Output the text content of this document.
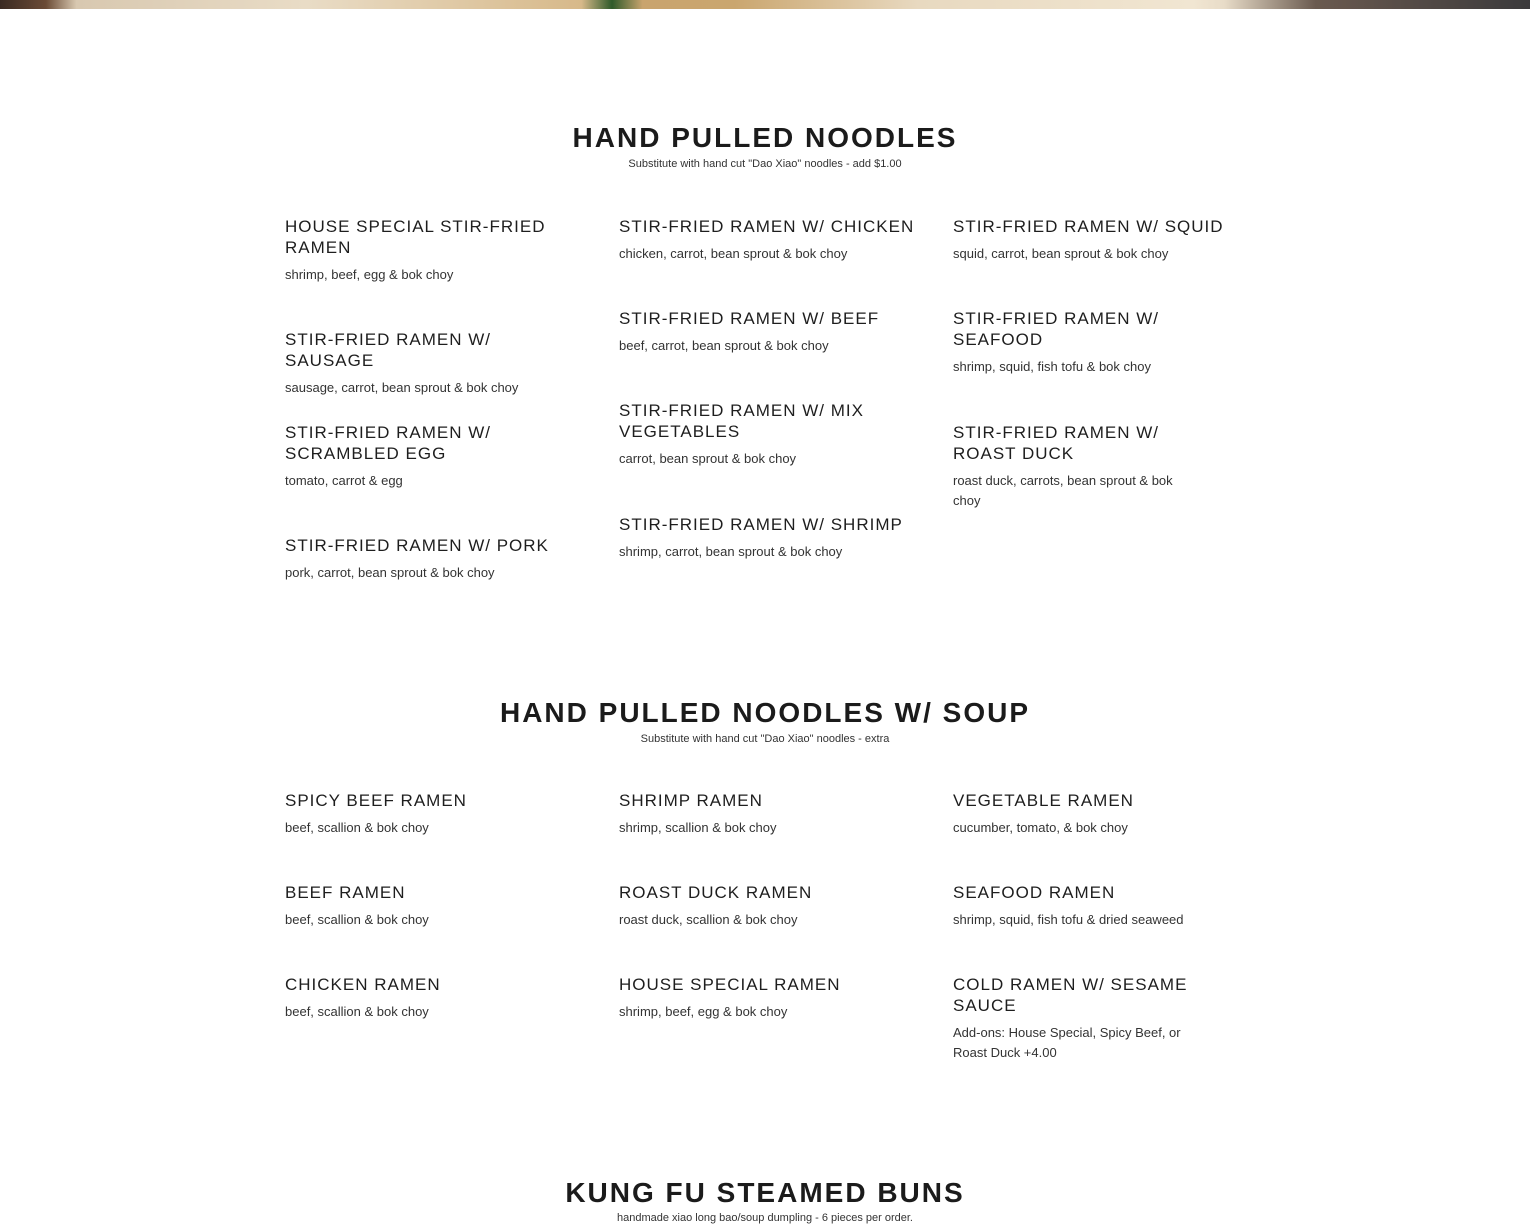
HAND PULLED NOODLES
Substitute with hand cut "Dao Xiao" noodles - add $1.00
HOUSE SPECIAL STIR-FRIED RAMEN
shrimp, beef, egg & bok choy
STIR-FRIED RAMEN W/ SAUSAGE
sausage, carrot, bean sprout & bok choy
STIR-FRIED RAMEN W/ SCRAMBLED EGG
tomato, carrot & egg
STIR-FRIED RAMEN W/ PORK
pork, carrot, bean sprout & bok choy
STIR-FRIED RAMEN W/ CHICKEN
chicken, carrot, bean sprout & bok choy
STIR-FRIED RAMEN W/ BEEF
beef, carrot, bean sprout & bok choy
STIR-FRIED RAMEN W/ MIX VEGETABLES
carrot, bean sprout & bok choy
STIR-FRIED RAMEN W/ SHRIMP
shrimp, carrot, bean sprout & bok choy
STIR-FRIED RAMEN W/ SQUID
squid, carrot, bean sprout & bok choy
STIR-FRIED RAMEN W/ SEAFOOD
shrimp, squid, fish tofu & bok choy
STIR-FRIED RAMEN W/ ROAST DUCK
roast duck, carrots, bean sprout & bok choy
HAND PULLED NOODLES W/ SOUP
Substitute with hand cut "Dao Xiao" noodles - extra
SPICY BEEF RAMEN
beef, scallion & bok choy
BEEF RAMEN
beef, scallion & bok choy
CHICKEN RAMEN
beef, scallion & bok choy
SHRIMP RAMEN
shrimp, scallion & bok choy
ROAST DUCK RAMEN
roast duck, scallion & bok choy
HOUSE SPECIAL RAMEN
shrimp, beef, egg & bok choy
VEGETABLE RAMEN
cucumber, tomato, & bok choy
SEAFOOD RAMEN
shrimp, squid, fish tofu & dried seaweed
COLD RAMEN W/ SESAME SAUCE
Add-ons: House Special, Spicy Beef, or Roast Duck +4.00
KUNG FU STEAMED BUNS
handmade xiao long bao/soup dumpling - 6 pieces per order.
